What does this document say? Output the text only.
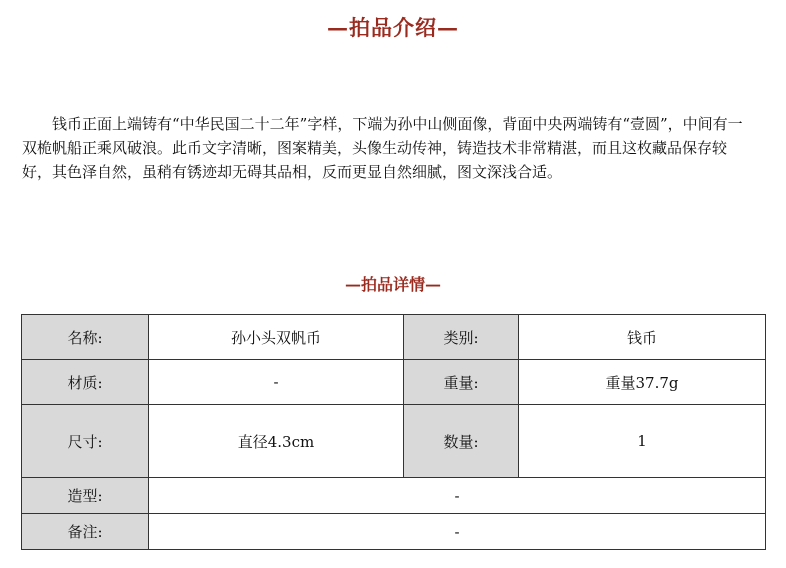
—拍品介绍—

钱币正面上端铸有“中华民国二十二年”字样，下端为孙中山侧面像，背面中央两端铸有“壹圆”，中间有一双桅帆船正乘风破浪。此币文字清晰，图案精美，头像生动传神，铸造技术非常精湛，而且这枚藏品保存较好，其色泽自然，虽稍有锈迹却无碍其品相，反而更显自然细腻，图文深浅合适。

—拍品详情—
名称:	孙小头双帆币	类别:	钱币
材质:	-	重量:	重量37.7g
尺寸:	直径4.3cm	数量:	1
造型:	-		
备注:	-		
